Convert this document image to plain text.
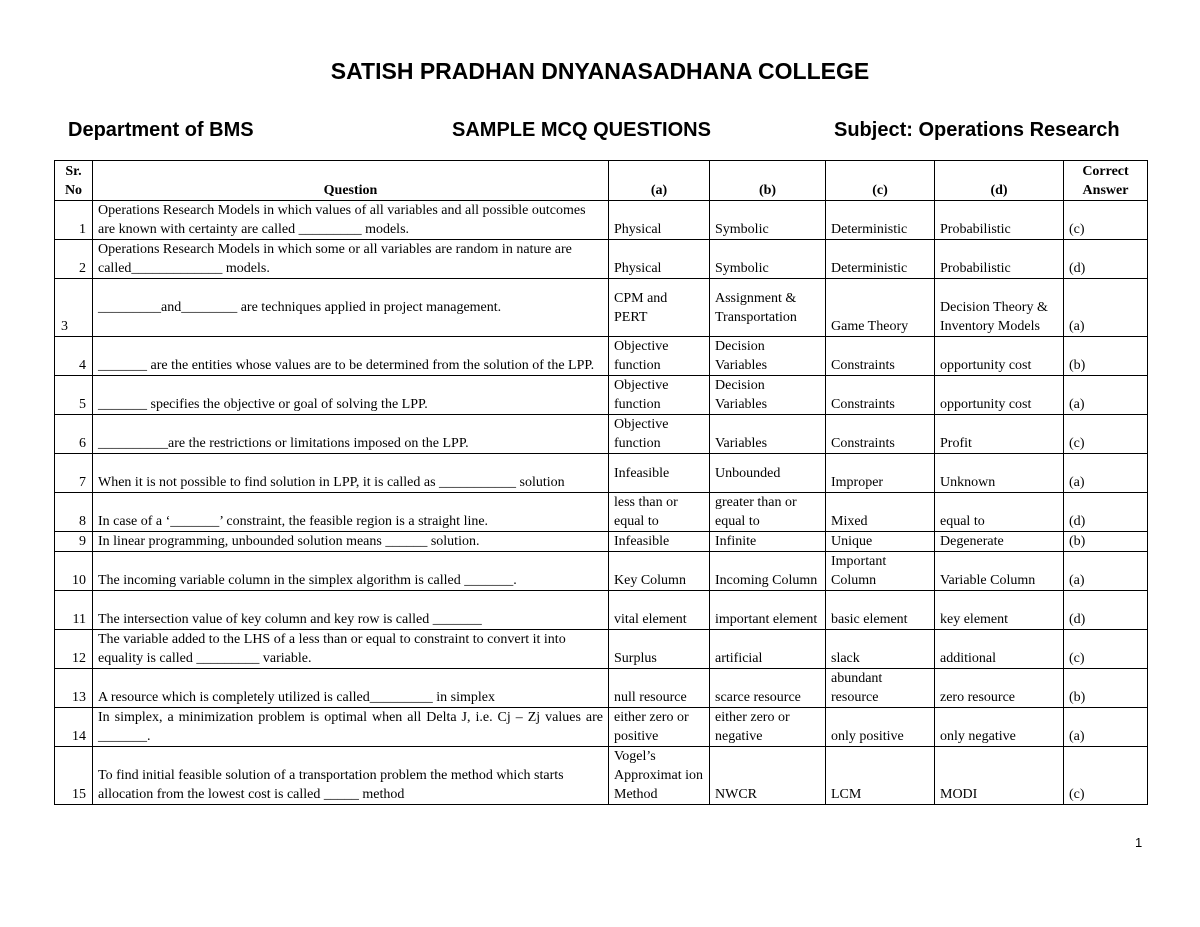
SATISH PRADHAN DNYANASADHANA COLLEGE
Department of BMS	SAMPLE MCQ QUESTIONS	Subject: Operations Research
Sr. No	Question	(a)	(b)	(c)	(d)	Correct Answer
1	Operations Research Models in which values of all variables and all possible outcomes are known with certainty are called _________ models.	Physical	Symbolic	Deterministic	Probabilistic	(c)
2	Operations Research Models in which some or all variables are random in nature are called_____________ models.	Physical	Symbolic	Deterministic	Probabilistic	(d)
3	_________and________ are techniques applied in project management.	CPM and PERT	Assignment & Transportation	Game Theory	Decision Theory & Inventory Models	(a)
4	_______ are the entities whose values are to be determined from the solution of the LPP.	Objective function	Decision Variables	Constraints	opportunity cost	(b)
5	_______ specifies the objective or goal of solving the LPP.	Objective function	Decision Variables	Constraints	opportunity cost	(a)
6	__________are the restrictions or limitations imposed on the LPP.	Objective function	Variables	Constraints	Profit	(c)
7	When it is not possible to find solution in LPP, it is called as ___________ solution	Infeasible	Unbounded	Improper	Unknown	(a)
8	In case of a ‘_______’ constraint, the feasible region is a straight line.	less than or equal to	greater than or equal to	Mixed	equal to	(d)
9	In linear programming, unbounded solution means ______ solution.	Infeasible	Infinite	Unique	Degenerate	(b)
10	The incoming variable column in the simplex algorithm is called _______.	Key Column	Incoming Column	Important Column	Variable Column	(a)
11	The intersection value of key column and key row is called _______	vital element	important element	basic element	key element	(d)
12	The variable added to the LHS of a less than or equal to constraint to convert it into equality is called _________ variable.	Surplus	artificial	slack	additional	(c)
13	A resource which is completely utilized is called_________ in simplex	null resource	scarce resource	abundant resource	zero resource	(b)
14	In simplex, a minimization problem is optimal when all Delta J, i.e. Cj – Zj values are _______.	either zero or positive	either zero or negative	only positive	only negative	(a)
15	To find initial feasible solution of a transportation problem the method which starts allocation from the lowest cost is called _____ method	Vogel’s Approximat ion Method	NWCR	LCM	MODI	(c)
1
